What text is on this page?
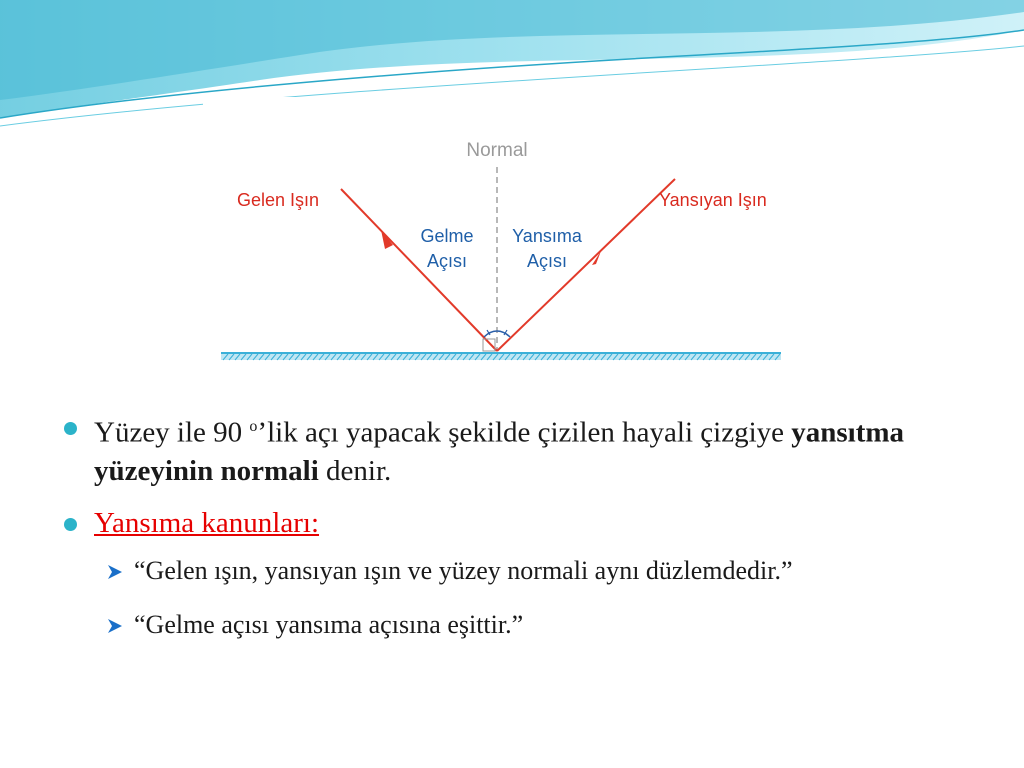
Normal
Gelen Işın	Yansıyan Işın
Gelme
Açısı
Yansıma
Açısı
Yüzey ile 90 $^o$’lik açı yapacak şekilde çizilen hayali çizgiye yansıtma yüzeyinin normali denir.
Yansıma kanunları:
“Gelen ışın, yansıyan ışın ve yüzey normali aynı düzlemdedir.”
“Gelme açısı yansıma açısına eşittir.”
